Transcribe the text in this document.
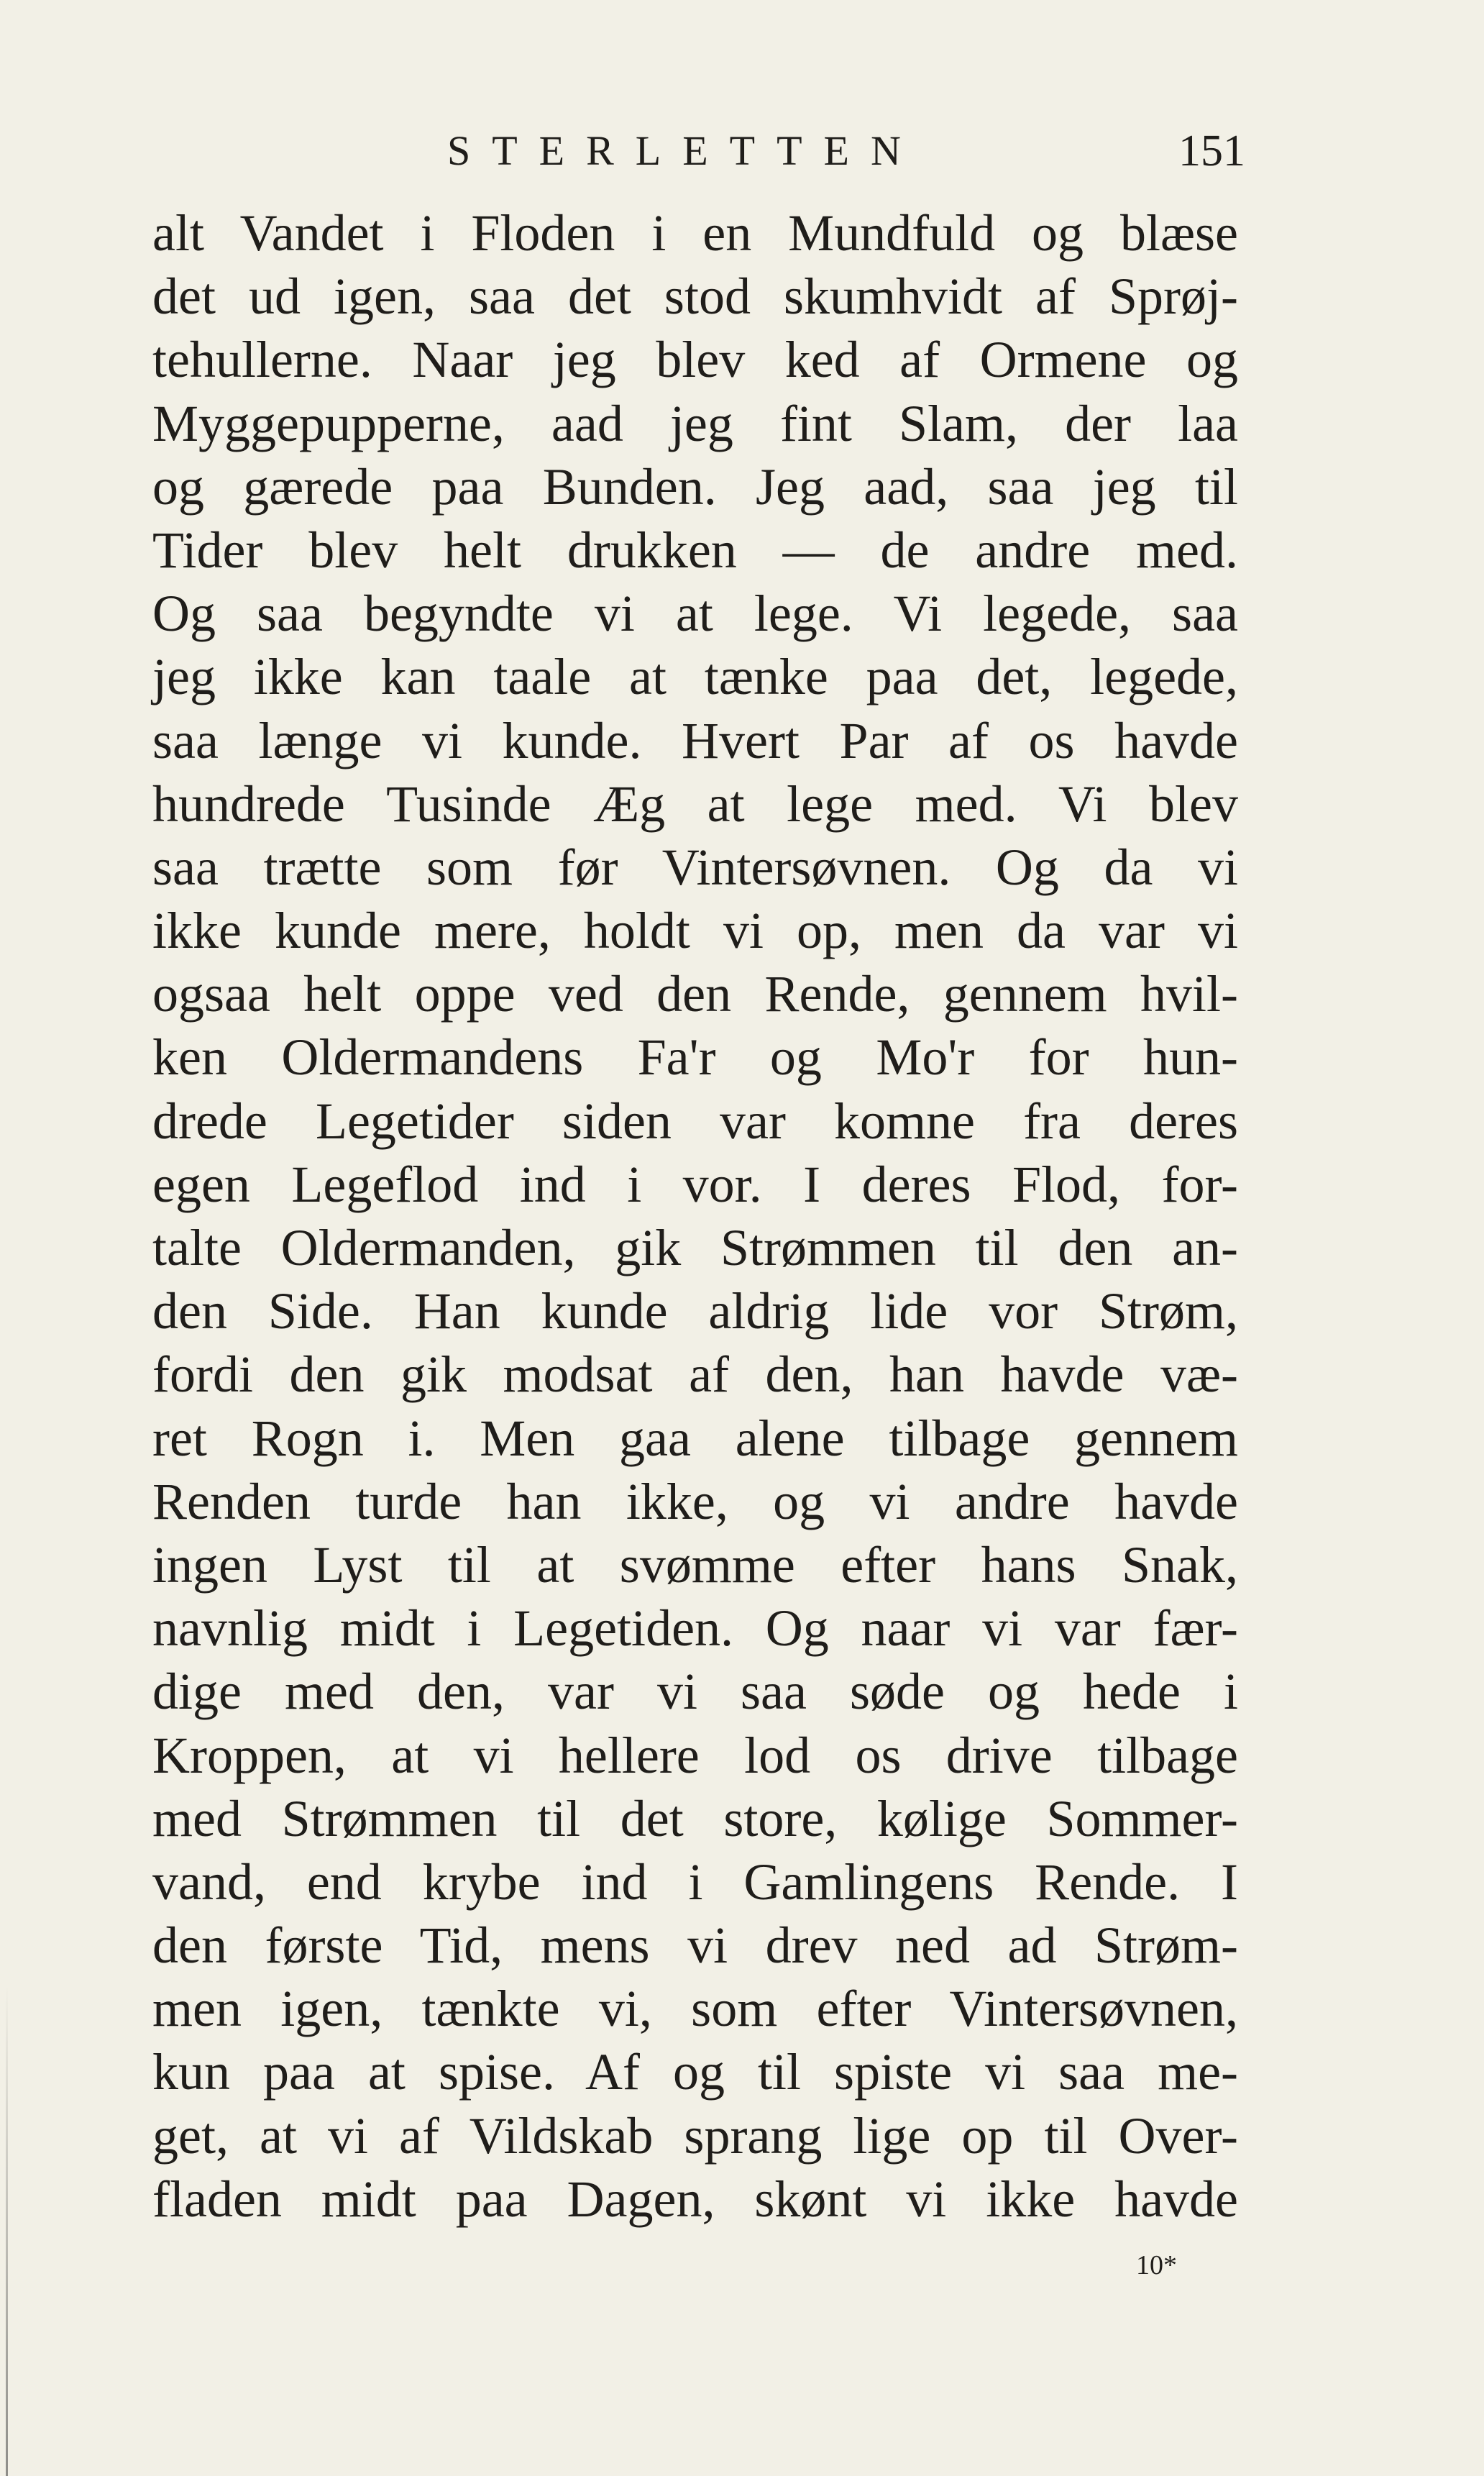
STERLETTEN	151
alt Vandet i Floden i en Mundfuld og blæse
det ud igen, saa det stod skumhvidt af Sprøj-
tehullerne. Naar jeg blev ked af Ormene og
Myggepupperne, aad jeg fint Slam, der laa
og gærede paa Bunden. Jeg aad, saa jeg til
Tider blev helt drukken — de andre med.
Og saa begyndte vi at lege. Vi legede, saa
jeg ikke kan taale at tænke paa det, legede,
saa længe vi kunde. Hvert Par af os havde
hundrede Tusinde Æg at lege med. Vi blev
saa trætte som før Vintersøvnen. Og da vi
ikke kunde mere, holdt vi op, men da var vi
ogsaa helt oppe ved den Rende, gennem hvil-
ken Oldermandens Fa'r og Mo'r for hun-
drede Legetider siden var komne fra deres
egen Legeflod ind i vor. I deres Flod, for-
talte Oldermanden, gik Strømmen til den an-
den Side. Han kunde aldrig lide vor Strøm,
fordi den gik modsat af den, han havde væ-
ret Rogn i. Men gaa alene tilbage gennem
Renden turde han ikke, og vi andre havde
ingen Lyst til at svømme efter hans Snak,
navnlig midt i Legetiden. Og naar vi var fær-
dige med den, var vi saa søde og hede i
Kroppen, at vi hellere lod os drive tilbage
med Strømmen til det store, kølige Sommer-
vand, end krybe ind i Gamlingens Rende. I
den første Tid, mens vi drev ned ad Strøm-
men igen, tænkte vi, som efter Vintersøvnen,
kun paa at spise. Af og til spiste vi saa me-
get, at vi af Vildskab sprang lige op til Over-
fladen midt paa Dagen, skønt vi ikke havde
10*
